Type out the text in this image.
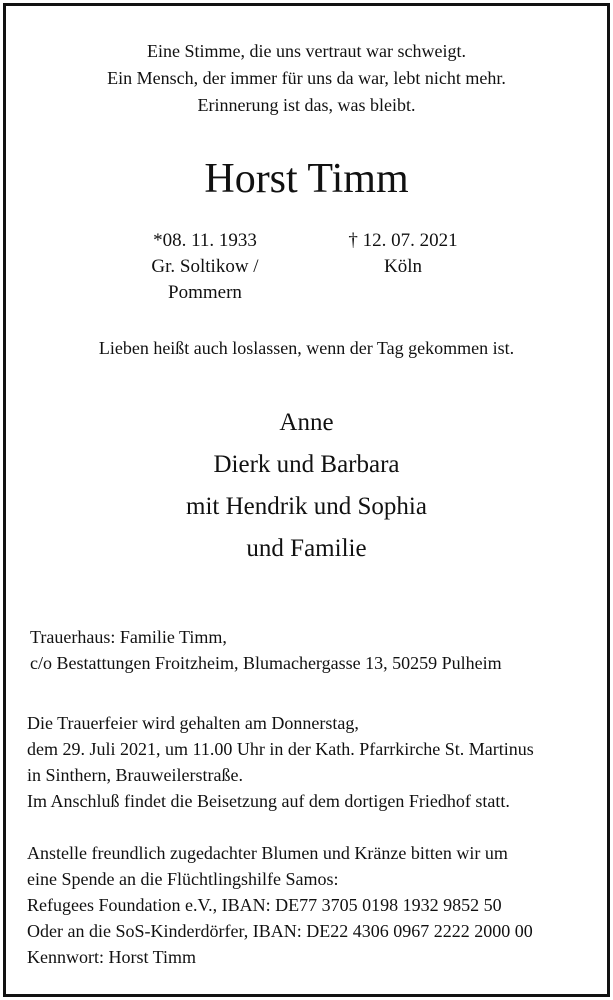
Eine Stimme, die uns vertraut war schweigt.
Ein Mensch, der immer für uns da war, lebt nicht mehr.
Erinnerung ist das, was bleibt.
Horst Timm
*08. 11. 1933
Gr. Soltikow /
Pommern
† 12. 07. 2021
Köln
Lieben heißt auch loslassen, wenn der Tag gekommen ist.
Anne
Dierk und Barbara
mit Hendrik und Sophia
und Familie
Trauerhaus: Familie Timm,
c/o Bestattungen Froitzheim, Blumachergasse 13, 50259 Pulheim
Die Trauerfeier wird gehalten am Donnerstag,
dem 29. Juli 2021, um 11.00 Uhr in der Kath. Pfarrkirche St. Martinus
in Sinthern, Brauweilerstraße.
Im Anschluß findet die Beisetzung auf dem dortigen Friedhof statt.
Anstelle freundlich zugedachter Blumen und Kränze bitten wir um
eine Spende an die Flüchtlingshilfe Samos:
Refugees Foundation e.V., IBAN: DE77 3705 0198 1932 9852 50
Oder an die SoS-Kinderdörfer, IBAN: DE22 4306 0967 2222 2000 00
Kennwort: Horst Timm
